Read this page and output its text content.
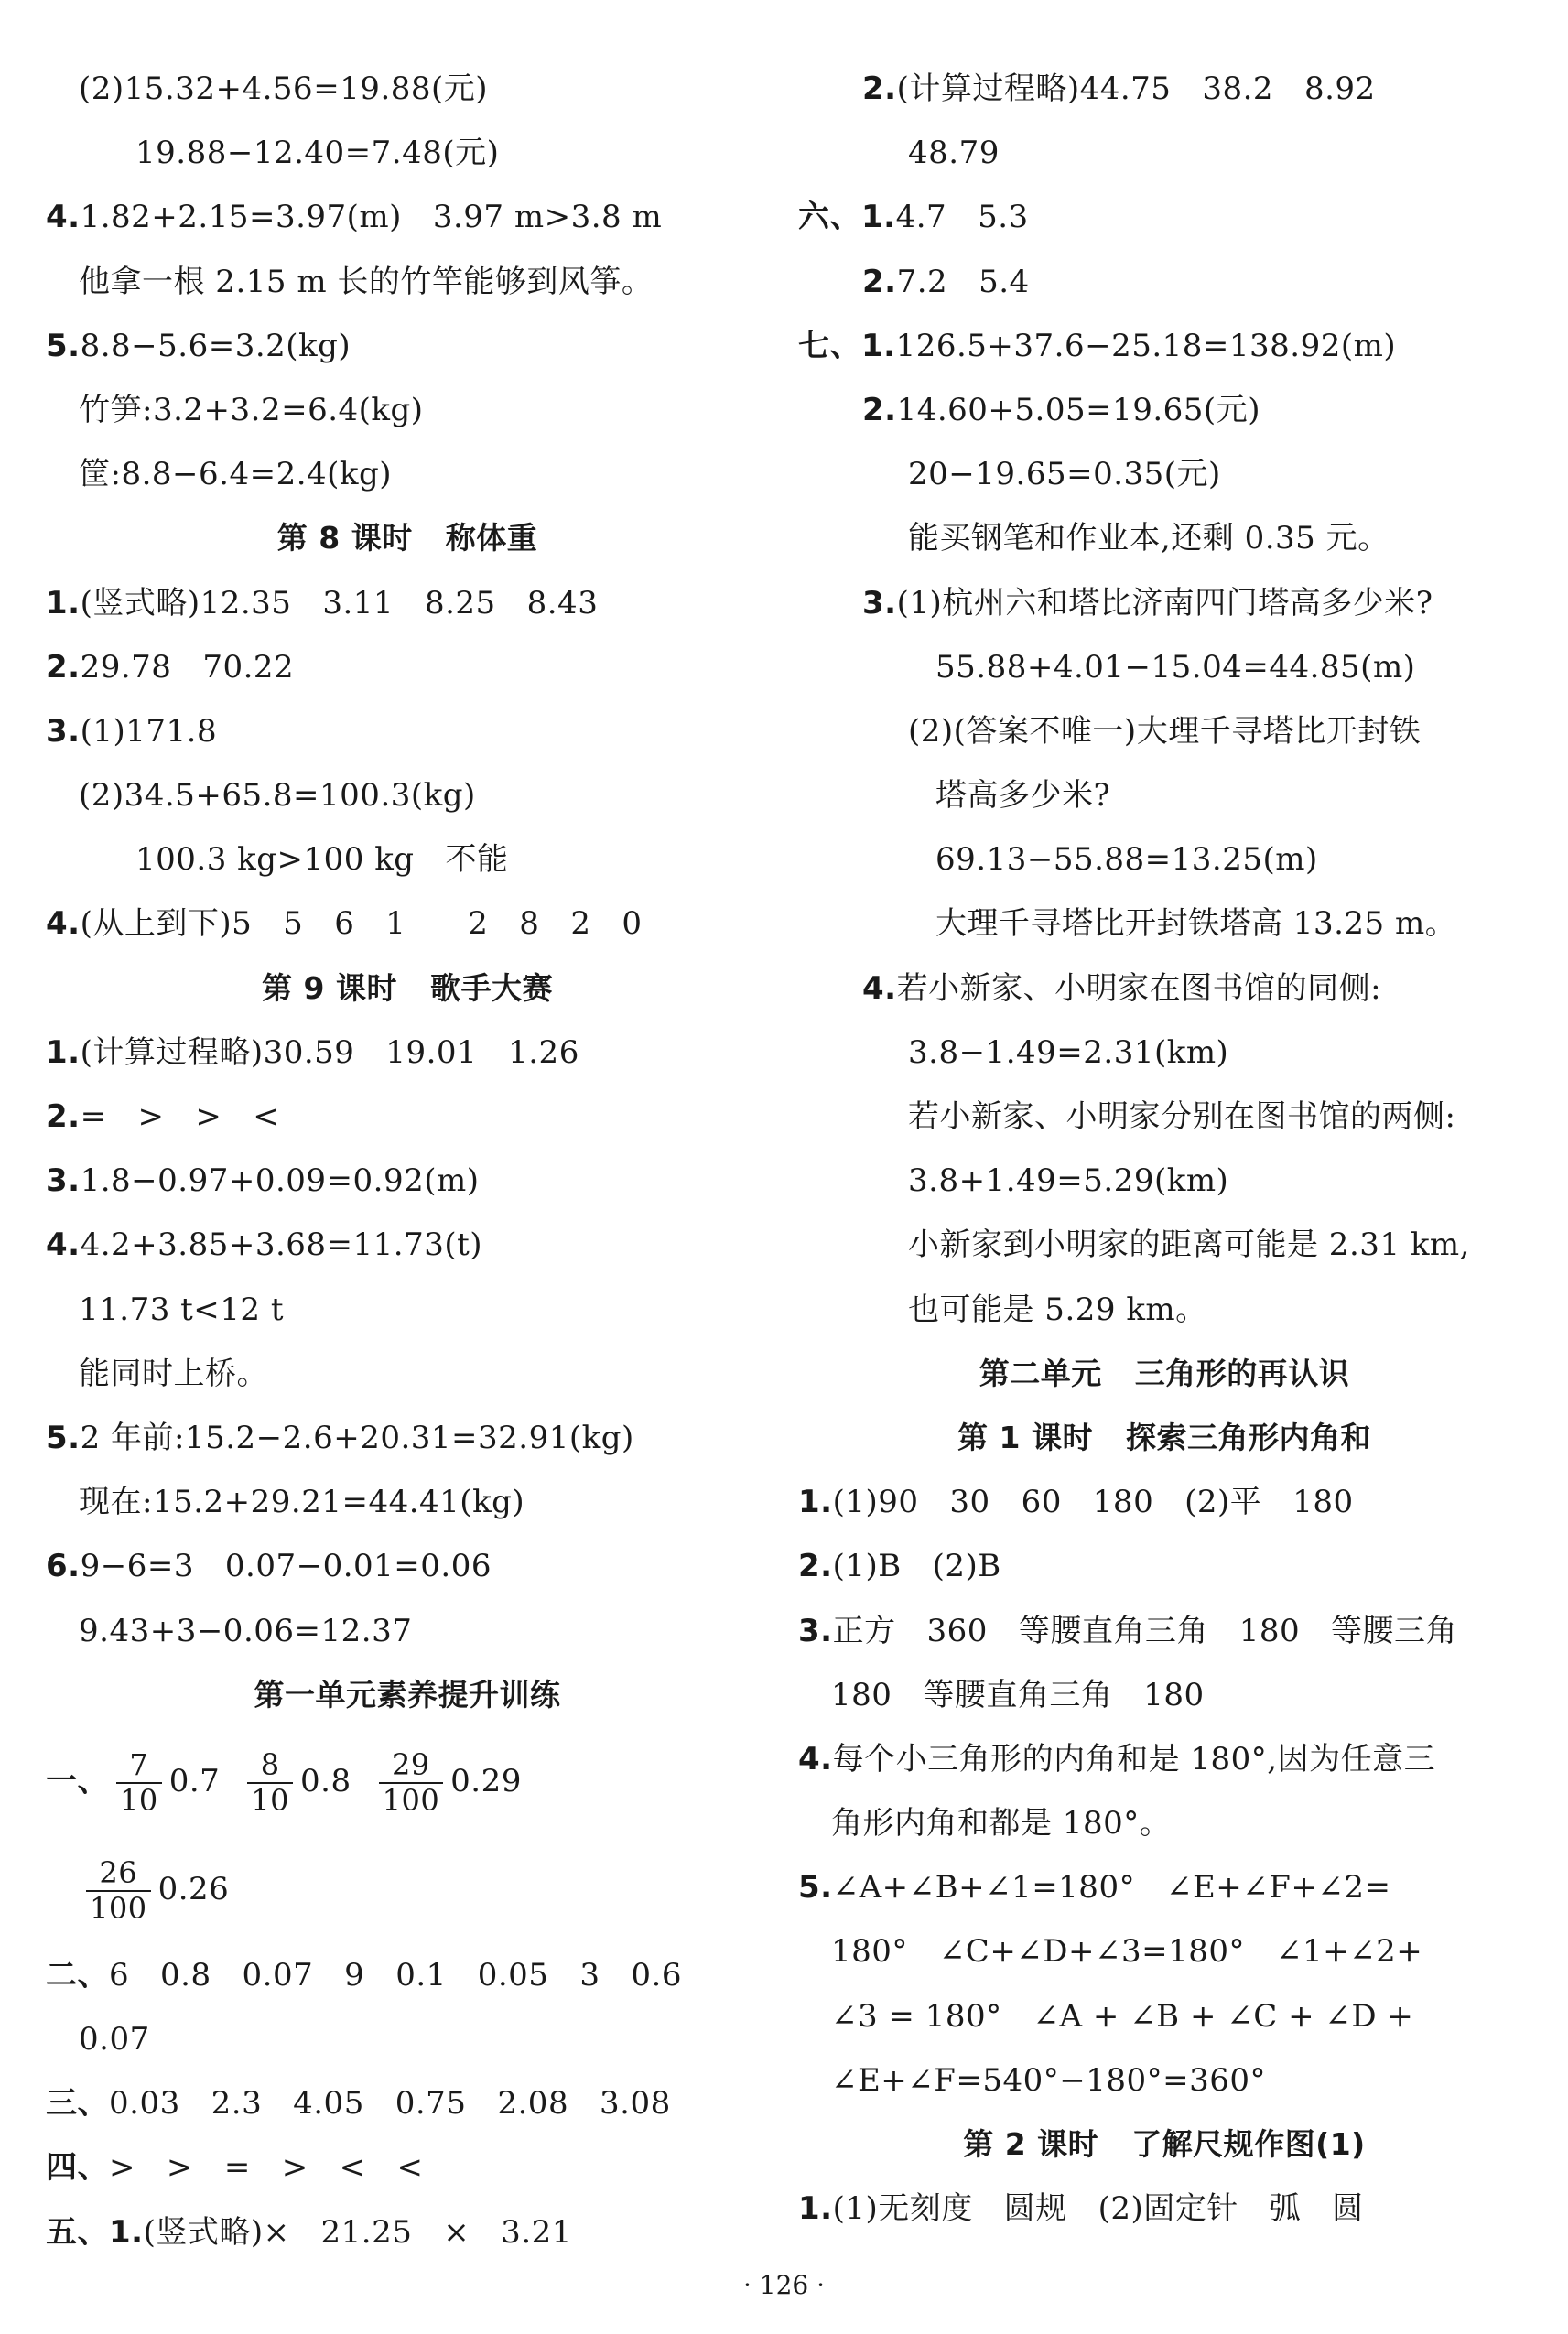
(2)15.32+4.56=19.88(元)
19.88−12.40=7.48(元)
4.1.82+2.15=3.97(m)   3.97 m>3.8 m
他拿一根 2.15 m 长的竹竿能够到风筝。
5.8.8−5.6=3.2(kg)
竹笋:3.2+3.2=6.4(kg)
筐:8.8−6.4=2.4(kg)
第 8 课时   称体重
1.(竖式略)12.35   3.11   8.25   8.43
2.29.78   70.22
3.(1)171.8
(2)34.5+65.8=100.3(kg)
100.3 kg>100 kg   不能
4.(从上到下)5   5   6   1      2   8   2   0
第 9 课时   歌手大赛
1.(计算过程略)30.59   19.01   1.26
2.=   >   >   <
3.1.8−0.97+0.09=0.92(m)
4.4.2+3.85+3.68=11.73(t)
11.73 t<12 t
能同时上桥。
5.2 年前:15.2−2.6+20.31=32.91(kg)
现在:15.2+29.21=44.41(kg)
6.9−6=3   0.07−0.01=0.06
9.43+3−0.06=12.37
第一单元素养提升训练
一、 $\frac{7}{10} 0.7 \frac{8}{10} 0.8 \frac{29}{100} 0.29$
$\frac{26}{100} 0.26$
二、6   0.8   0.07   9   0.1   0.05   3   0.6
0.07
三、0.03   2.3   4.05   0.75   2.08   3.08
四、>   >   =   >   <   <
五、1.(竖式略)×   21.25   ×   3.21
2.(计算过程略)44.75   38.2   8.92
48.79
六、1.4.7   5.3
2.7.2   5.4
七、1.126.5+37.6−25.18=138.92(m)
2.14.60+5.05=19.65(元)
20−19.65=0.35(元)
能买钢笔和作业本,还剩 0.35 元。
3.(1)杭州六和塔比济南四门塔高多少米?
55.88+4.01−15.04=44.85(m)
(2)(答案不唯一)大理千寻塔比开封铁
塔高多少米?
69.13−55.88=13.25(m)
大理千寻塔比开封铁塔高 13.25 m。
4.若小新家、小明家在图书馆的同侧:
3.8−1.49=2.31(km)
若小新家、小明家分别在图书馆的两侧:
3.8+1.49=5.29(km)
小新家到小明家的距离可能是 2.31 km,
也可能是 5.29 km。
第二单元   三角形的再认识
第 1 课时   探索三角形内角和
1.(1)90   30   60   180   (2)平   180
2.(1)B   (2)B
3.正方   360   等腰直角三角   180   等腰三角
180   等腰直角三角   180
4.每个小三角形的内角和是 180°,因为任意三
角形内角和都是 180°。
5.∠A+∠B+∠1=180°   ∠E+∠F+∠2=
180°   ∠C+∠D+∠3=180°   ∠1+∠2+
∠3 = 180°   ∠A + ∠B + ∠C + ∠D +
∠E+∠F=540°−180°=360°
第 2 课时   了解尺规作图(1)
1.(1)无刻度   圆规   (2)固定针   弧   圆
· 126 ·
